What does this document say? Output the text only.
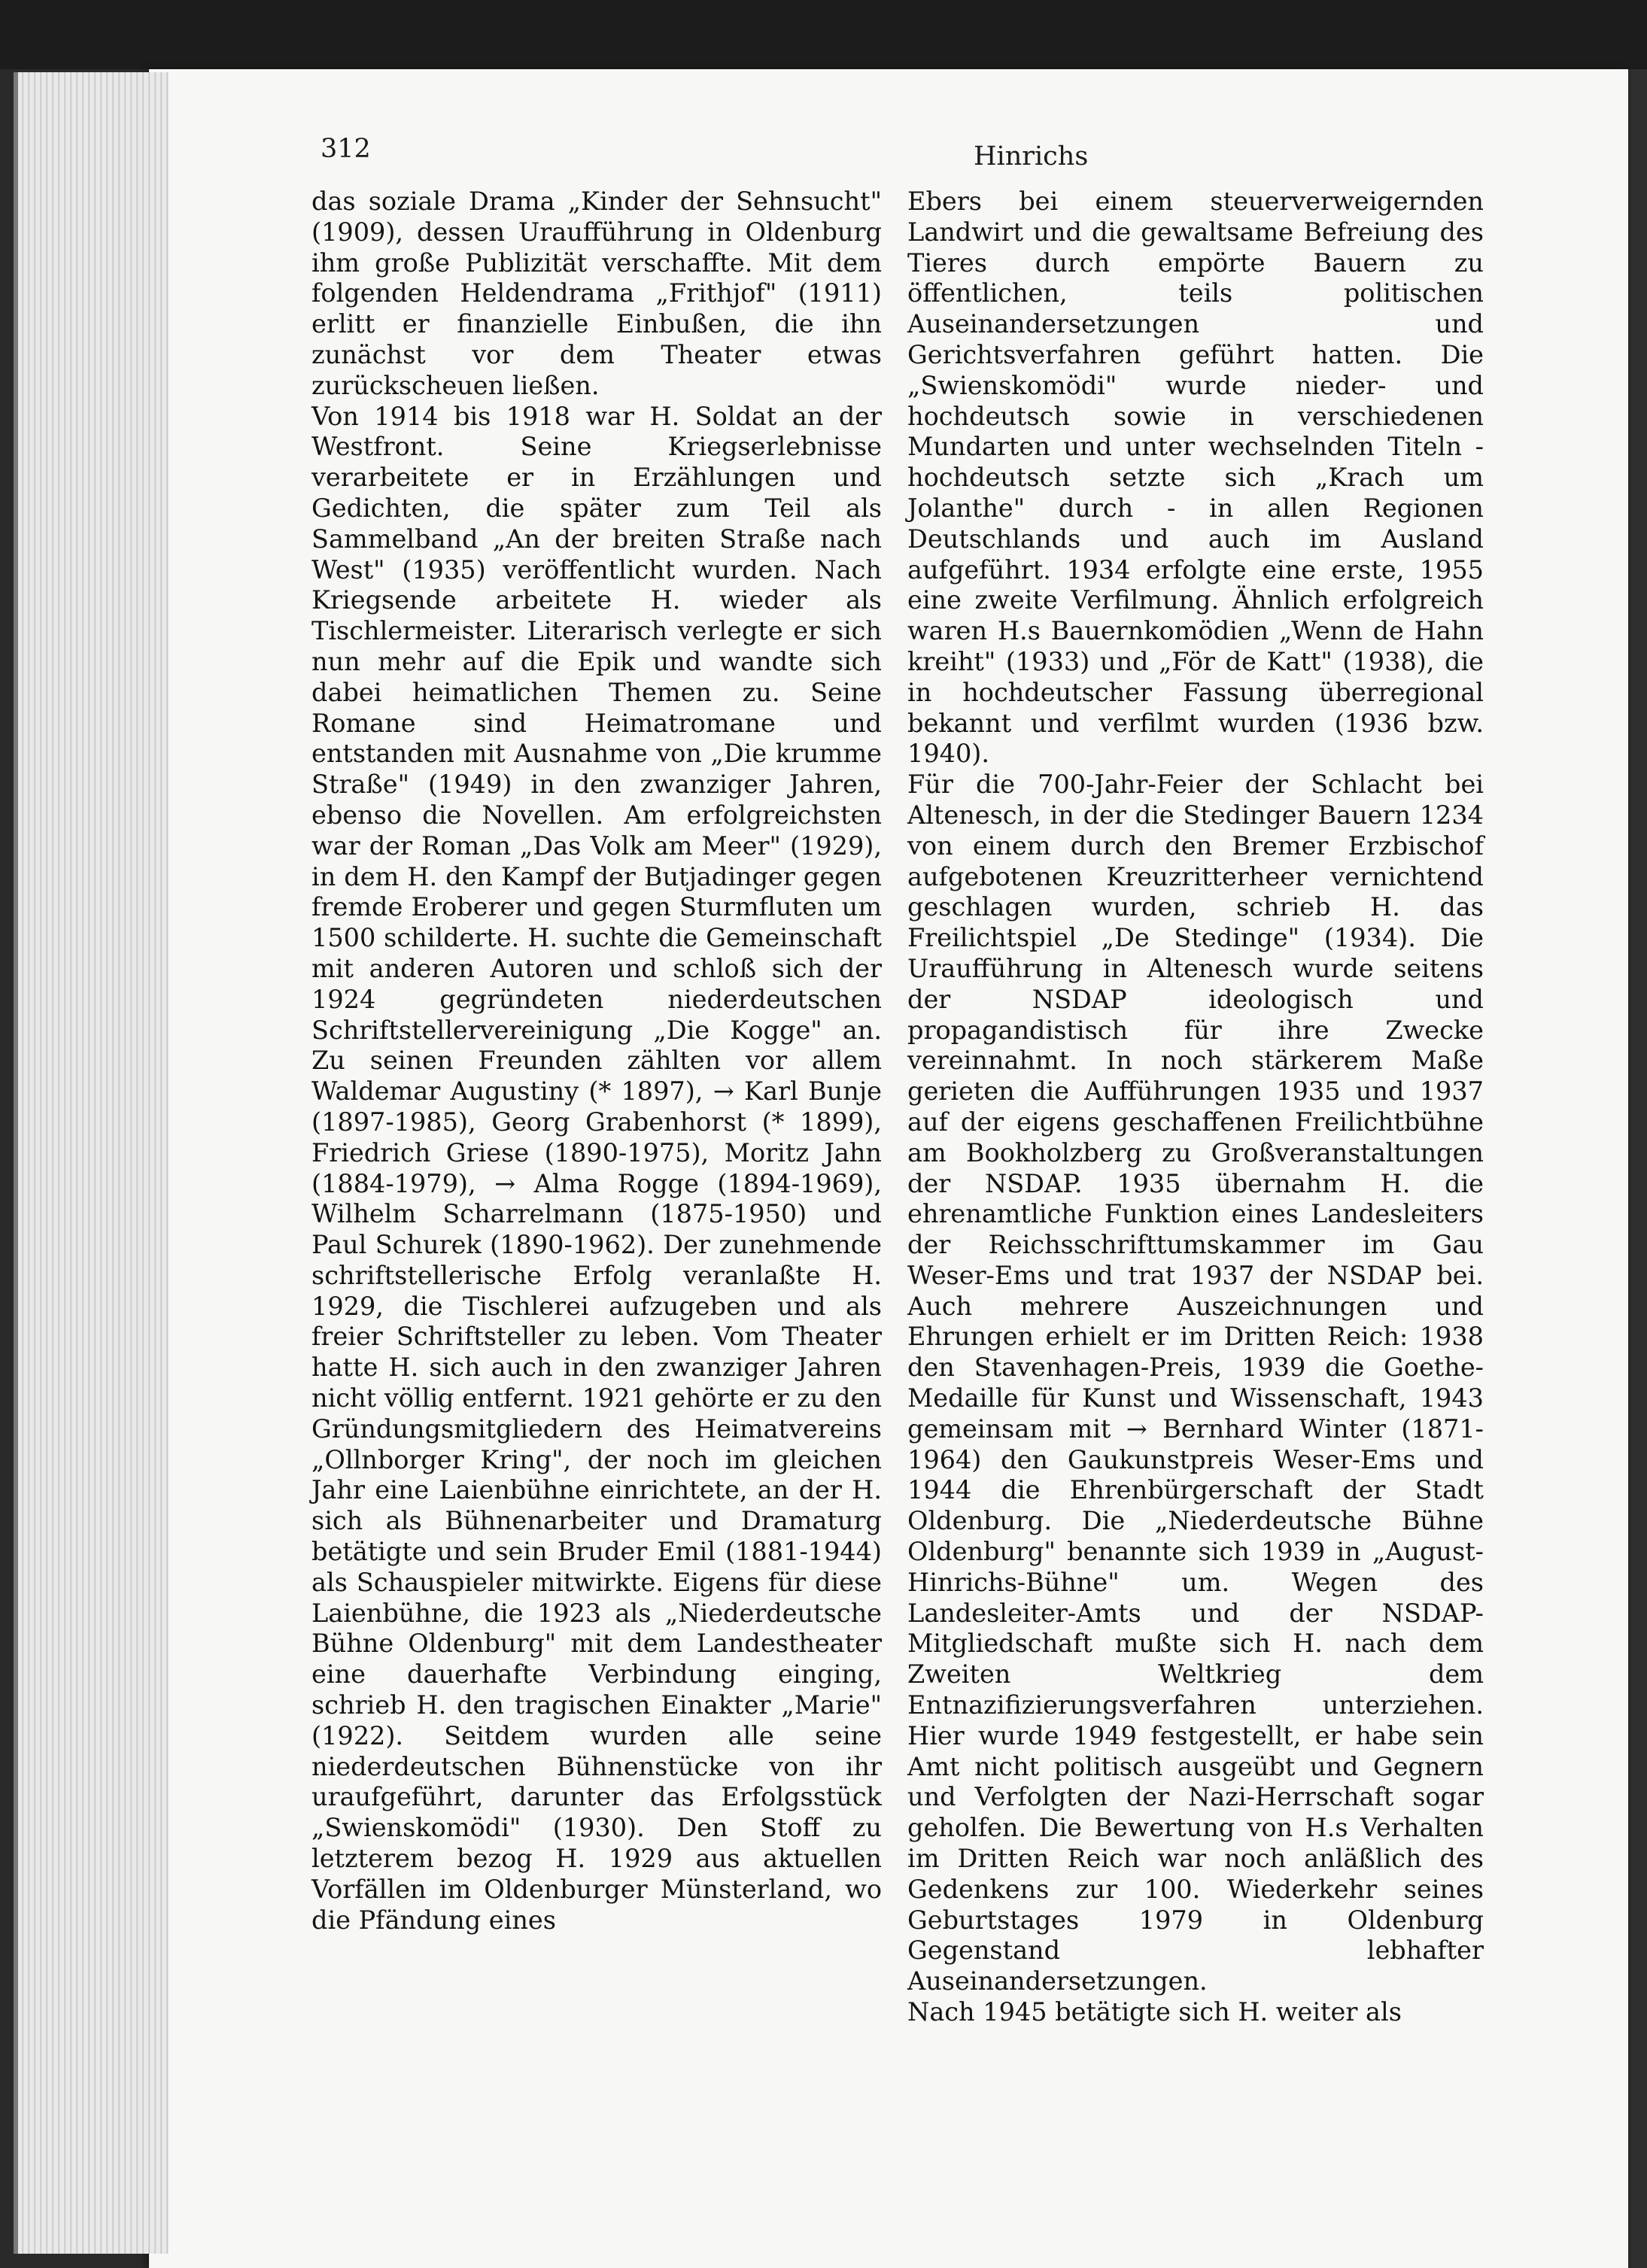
312	Hinrichs

das soziale Drama „Kinder der Sehnsucht" (1909), dessen Uraufführung in Oldenburg ihm große Publizität verschaffte. Mit dem folgenden Heldendrama „Frithjof" (1911) erlitt er finanzielle Einbußen, die ihn zunächst vor dem Theater etwas zurückscheuen ließen.

Von 1914 bis 1918 war H. Soldat an der Westfront. Seine Kriegserlebnisse verarbeitete er in Erzählungen und Gedichten, die später zum Teil als Sammelband „An der breiten Straße nach West" (1935) veröffentlicht wurden. Nach Kriegsende arbeitete H. wieder als Tischlermeister. Literarisch verlegte er sich nun mehr auf die Epik und wandte sich dabei heimatlichen Themen zu. Seine Romane sind Heimatromane und entstanden mit Ausnahme von „Die krumme Straße" (1949) in den zwanziger Jahren, ebenso die Novellen. Am erfolgreichsten war der Roman „Das Volk am Meer" (1929), in dem H. den Kampf der Butjadinger gegen fremde Eroberer und gegen Sturmfluten um 1500 schilderte. H. suchte die Gemeinschaft mit anderen Autoren und schloß sich der 1924 gegründeten niederdeutschen Schriftstellervereinigung „Die Kogge" an. Zu seinen Freunden zählten vor allem Waldemar Augustiny (* 1897), → Karl Bunje (1897-1985), Georg Grabenhorst (* 1899), Friedrich Griese (1890-1975), Moritz Jahn (1884-1979), → Alma Rogge (1894-1969), Wilhelm Scharrelmann (1875-1950) und Paul Schurek (1890-1962). Der zunehmende schriftstellerische Erfolg veranlaßte H. 1929, die Tischlerei aufzugeben und als freier Schriftsteller zu leben. Vom Theater hatte H. sich auch in den zwanziger Jahren nicht völlig entfernt. 1921 gehörte er zu den Gründungsmitgliedern des Heimatvereins „Ollnborger Kring", der noch im gleichen Jahr eine Laienbühne einrichtete, an der H. sich als Bühnenarbeiter und Dramaturg betätigte und sein Bruder Emil (1881-1944) als Schauspieler mitwirkte. Eigens für diese Laienbühne, die 1923 als „Niederdeutsche Bühne Oldenburg" mit dem Landestheater eine dauerhafte Verbindung einging, schrieb H. den tragischen Einakter „Marie" (1922). Seitdem wurden alle seine niederdeutschen Bühnenstücke von ihr uraufgeführt, darunter das Erfolgsstück „Swienskomödi" (1930). Den Stoff zu letzterem bezog H. 1929 aus aktuellen Vorfällen im Oldenburger Münsterland, wo die Pfändung eines

Ebers bei einem steuerverweigernden Landwirt und die gewaltsame Befreiung des Tieres durch empörte Bauern zu öffentlichen, teils politischen Auseinandersetzungen und Gerichtsverfahren geführt hatten. Die „Swienskomödi" wurde nieder- und hochdeutsch sowie in verschiedenen Mundarten und unter wechselnden Titeln - hochdeutsch setzte sich „Krach um Jolanthe" durch - in allen Regionen Deutschlands und auch im Ausland aufgeführt. 1934 erfolgte eine erste, 1955 eine zweite Verfilmung. Ähnlich erfolgreich waren H.s Bauernkomödien „Wenn de Hahn kreiht" (1933) und „För de Katt" (1938), die in hochdeutscher Fassung überregional bekannt und verfilmt wurden (1936 bzw. 1940).

Für die 700-Jahr-Feier der Schlacht bei Altenesch, in der die Stedinger Bauern 1234 von einem durch den Bremer Erzbischof aufgebotenen Kreuzritterheer vernichtend geschlagen wurden, schrieb H. das Freilichtspiel „De Stedinge" (1934). Die Uraufführung in Altenesch wurde seitens der NSDAP ideologisch und propagandistisch für ihre Zwecke vereinnahmt. In noch stärkerem Maße gerieten die Aufführungen 1935 und 1937 auf der eigens geschaffenen Freilichtbühne am Bookholzberg zu Großveranstaltungen der NSDAP. 1935 übernahm H. die ehrenamtliche Funktion eines Landesleiters der Reichsschrifttumskammer im Gau Weser-Ems und trat 1937 der NSDAP bei. Auch mehrere Auszeichnungen und Ehrungen erhielt er im Dritten Reich: 1938 den Stavenhagen-Preis, 1939 die Goethe-Medaille für Kunst und Wissenschaft, 1943 gemeinsam mit → Bernhard Winter (1871-1964) den Gaukunstpreis Weser-Ems und 1944 die Ehrenbürgerschaft der Stadt Oldenburg. Die „Niederdeutsche Bühne Oldenburg" benannte sich 1939 in „August-Hinrichs-Bühne" um. Wegen des Landesleiter-Amts und der NSDAP-Mitgliedschaft mußte sich H. nach dem Zweiten Weltkrieg dem Entnazifizierungsverfahren unterziehen. Hier wurde 1949 festgestellt, er habe sein Amt nicht politisch ausgeübt und Gegnern und Verfolgten der Nazi-Herrschaft sogar geholfen. Die Bewertung von H.s Verhalten im Dritten Reich war noch anläßlich des Gedenkens zur 100. Wiederkehr seines Geburtstages 1979 in Oldenburg Gegenstand lebhafter Auseinandersetzungen.

Nach 1945 betätigte sich H. weiter als
